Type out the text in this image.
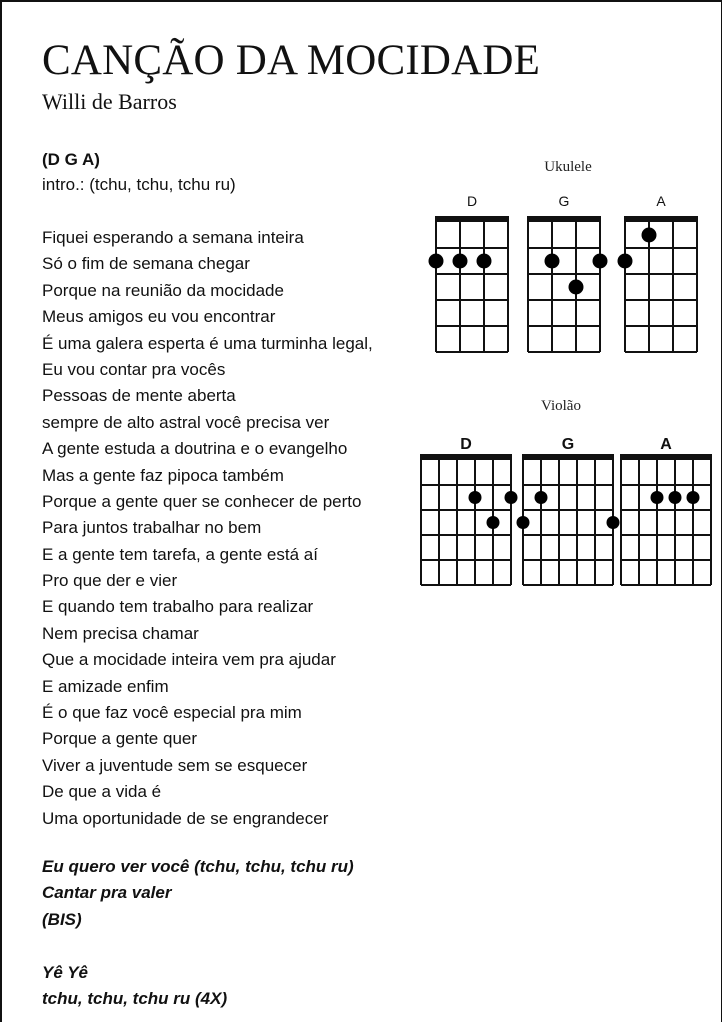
CANÇÃO DA MOCIDADE
Willi de Barros
(D G A)
intro.: (tchu, tchu, tchu ru)
Fiquei esperando a semana inteira
Só o fim de semana chegar
Porque na reunião da mocidade
Meus amigos eu vou encontrar
É uma galera esperta é uma turminha legal,
Eu vou contar pra vocês
Pessoas de mente aberta
sempre de alto astral você precisa ver
A gente estuda a doutrina e o evangelho
Mas a gente faz pipoca também
Porque a gente quer se conhecer de perto
Para juntos trabalhar no bem
E a gente tem tarefa, a gente está aí
Pro que der e vier
E quando tem trabalho para realizar
Nem precisa chamar
Que a mocidade inteira vem pra ajudar
E amizade enfim
É o que faz você especial pra mim
Porque a gente quer
Viver a juventude sem se esquecer
De que a vida é
Uma oportunidade de se engrandecer
Eu quero ver você (tchu, tchu, tchu ru)
Cantar pra valer
(BIS)
Yê Yê
tchu, tchu, tchu ru (4X)
Ukulele
Violão
D	G	A
D	G	A
